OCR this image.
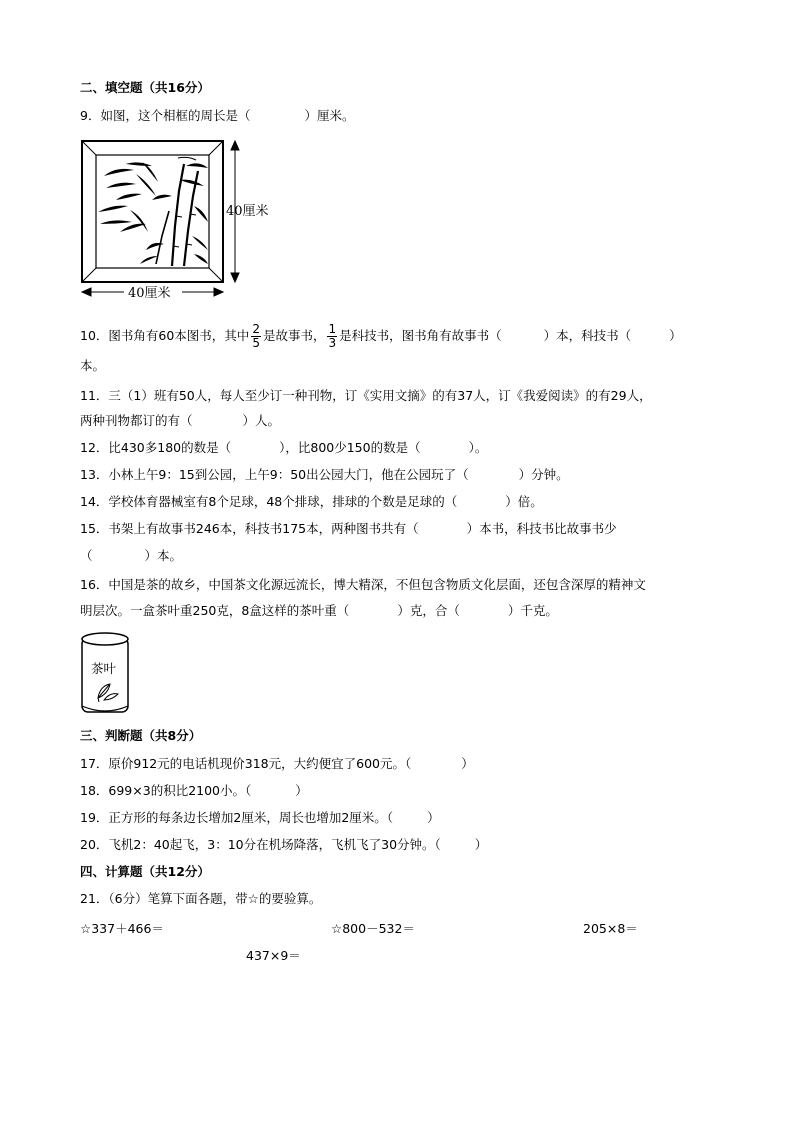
二、填空题（共16分）
9．如图，这个相框的周长是（	）厘米。
40厘米
40厘米
10．图书角有60本图书，其中 $\frac{2}{5}$ 是故事书， $\frac{1}{3}$ 是科技书，图书角有故事书（	）本，科技书（	）
本。
11．三（1）班有50人，每人至少订一种刊物，订《实用文摘》的有37人，订《我爱阅读》的有29人，
两种刊物都订的有（	）人。
12．比430多180的数是（	），比800少150的数是（	）。
13．小林上午9：15到公园，上午9：50出公园大门，他在公园玩了（	）分钟。
14．学校体育器械室有8个足球，48个排球，排球的个数是足球的（	）倍。
15．书架上有故事书246本，科技书175本，两种图书共有（	）本书，科技书比故事书少
（	）本。
16．中国是茶的故乡，中国茶文化源远流长，博大精深，不但包含物质文化层面，还包含深厚的精神文
明层次。一盒茶叶重250克，8盒这样的茶叶重（	）克，合（	）千克。
茶叶
三、判断题（共8分）
17．原价912元的电话机现价318元，大约便宜了600元。（	）
18．699×3的积比2100小。（	）
19．正方形的每条边长增加2厘米，周长也增加2厘米。（	）
20．飞机2：40起飞，3：10分在机场降落，飞机飞了30分钟。（	）
四、计算题（共12分）
21．（6分）笔算下面各题，带☆的要验算。
☆337＋466＝	☆800－532＝	205×8＝
437×9＝
